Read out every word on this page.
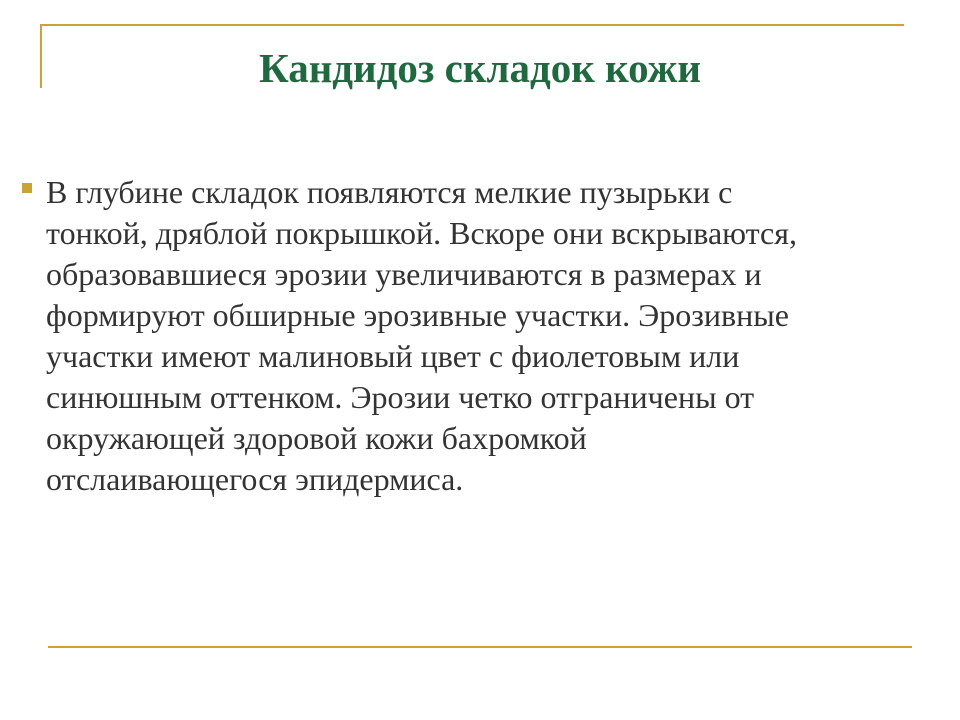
Кандидоз складок кожи

В глубине складок появляются мелкие пузырьки с
тонкой, дряблой покрышкой. Вскоре они вскрываются,
образовавшиеся эрозии увеличиваются в размерах и
формируют обширные эрозивные участки. Эрозивные
участки имеют малиновый цвет с фиолетовым или
синюшным оттенком. Эрозии четко отграничены от
окружающей здоровой кожи бахромкой
отслаивающегося эпидермиса.
